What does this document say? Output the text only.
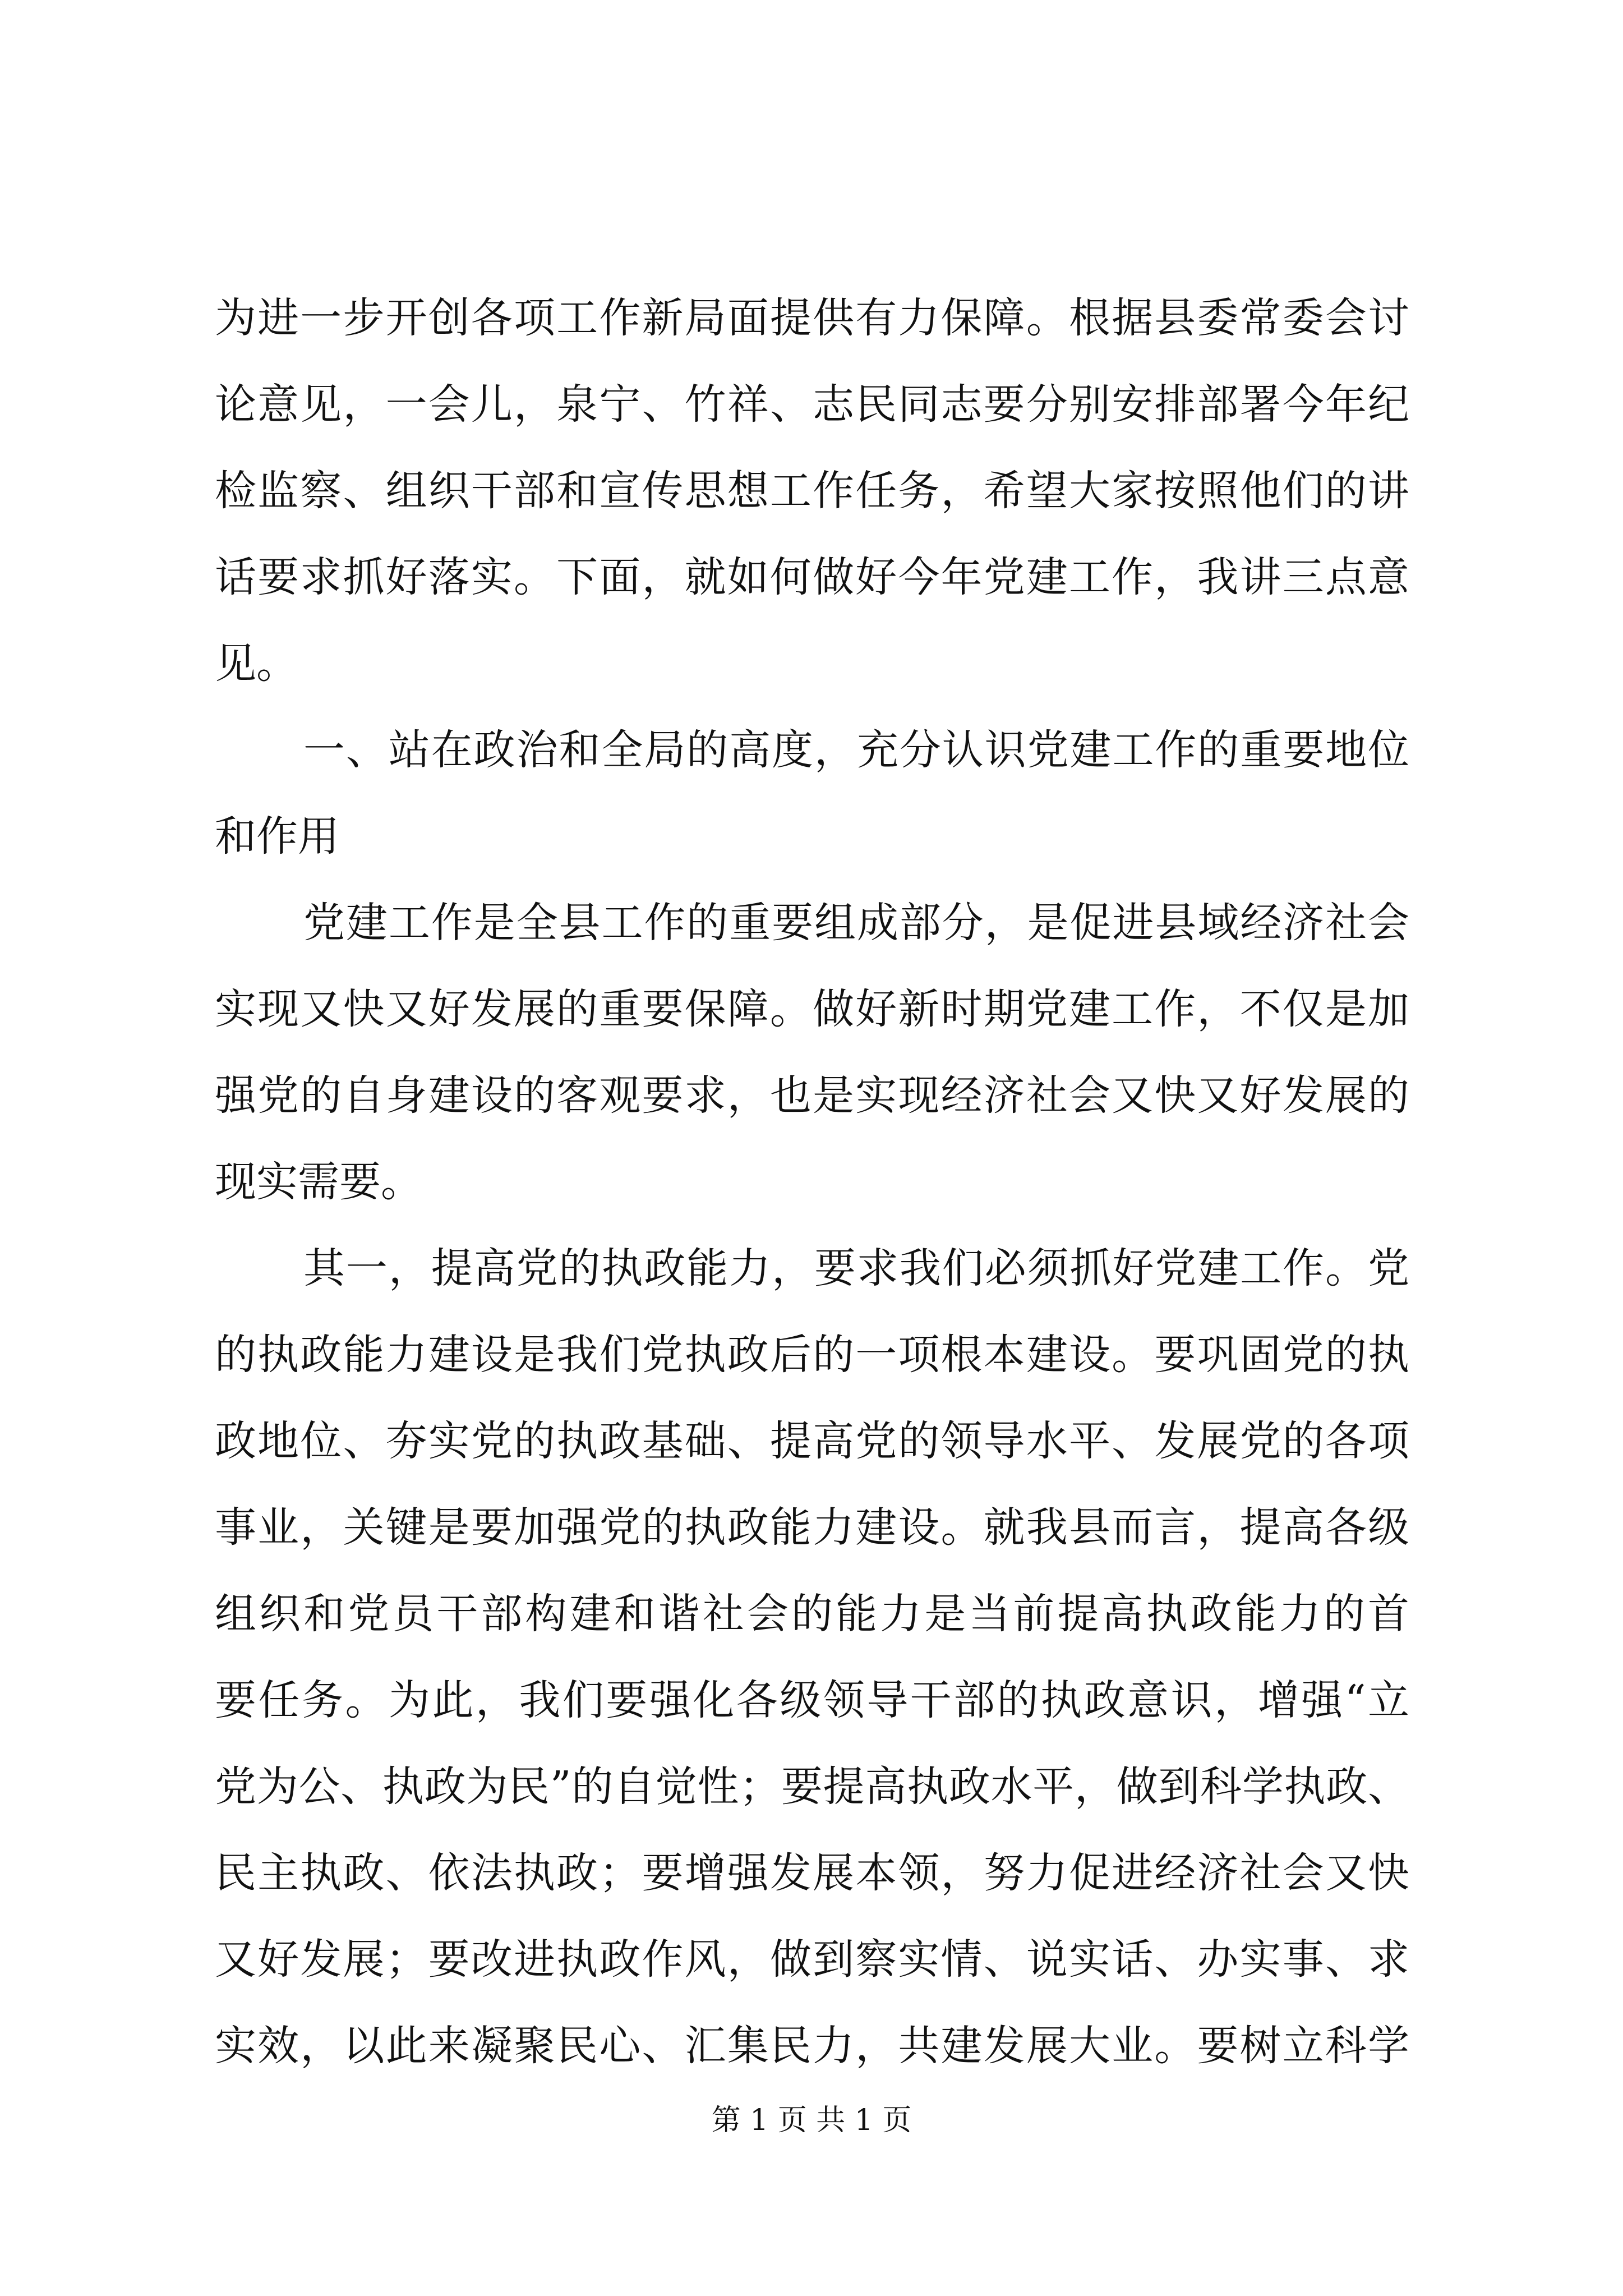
为进一步开创各项工作新局面提供有力保障。根据县委常委会讨
论意见，一会儿，泉宁、竹祥、志民同志要分别安排部署今年纪
检监察、组织干部和宣传思想工作任务，希望大家按照他们的讲
话要求抓好落实。下面，就如何做好今年党建工作，我讲三点意
见。
一、站在政治和全局的高度，充分认识党建工作的重要地位
和作用
党建工作是全县工作的重要组成部分，是促进县域经济社会
实现又快又好发展的重要保障。做好新时期党建工作，不仅是加
强党的自身建设的客观要求，也是实现经济社会又快又好发展的
现实需要。
其一，提高党的执政能力，要求我们必须抓好党建工作。党
的执政能力建设是我们党执政后的一项根本建设。要巩固党的执
政地位、夯实党的执政基础、提高党的领导水平、发展党的各项
事业，关键是要加强党的执政能力建设。就我县而言，提高各级
组织和党员干部构建和谐社会的能力是当前提高执政能力的首
要任务。为此，我们要强化各级领导干部的执政意识，增强“立
党为公、执政为民”的自觉性；要提高执政水平，做到科学执政、
民主执政、依法执政；要增强发展本领，努力促进经济社会又快
又好发展；要改进执政作风，做到察实情、说实话、办实事、求
实效，以此来凝聚民心、汇集民力，共建发展大业。要树立科学
第 1 页 共 1 页
